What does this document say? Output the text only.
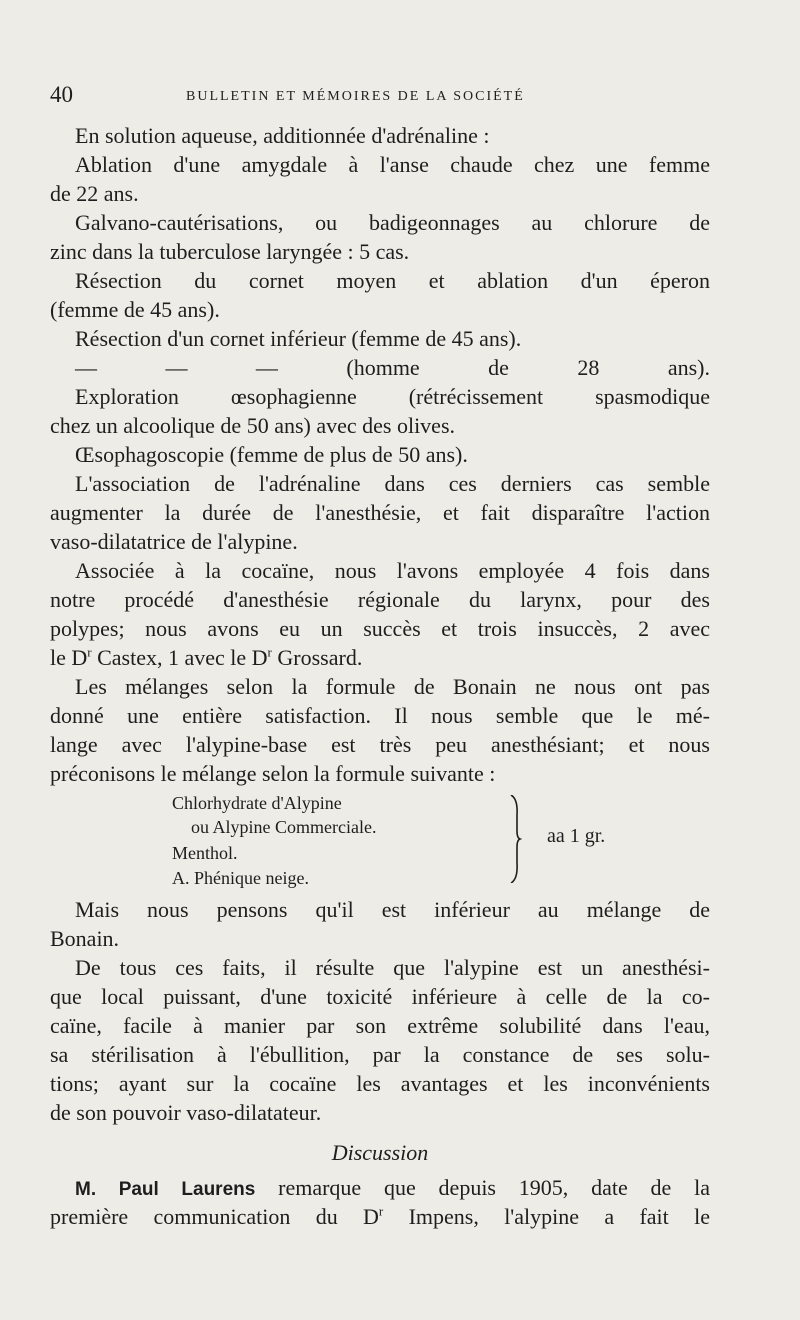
40	BULLETIN ET MÉMOIRES DE LA SOCIÉTÉ
En solution aqueuse, additionnée d'adrénaline :
Ablation d'une amygdale à l'anse chaude chez une femme
de 22 ans.
Galvano-cautérisations, ou badigeonnages au chlorure de
zinc dans la tuberculose laryngée : 5 cas.
Résection du cornet moyen et ablation d'un éperon
(femme de 45 ans).
Résection d'un cornet inférieur (femme de 45 ans).
— — — (homme de 28 ans).
Exploration œsophagienne (rétrécissement spasmodique
chez un alcoolique de 50 ans) avec des olives.
Œsophagoscopie (femme de plus de 50 ans).
L'association de l'adrénaline dans ces derniers cas semble
augmenter la durée de l'anesthésie, et fait disparaître l'action
vaso-dilatatrice de l'alypine.
Associée à la cocaïne, nous l'avons employée 4 fois dans
notre procédé d'anesthésie régionale du larynx, pour des
polypes; nous avons eu un succès et trois insuccès, 2 avec
le $D^r$ Castex, 1 avec le $D^r$ Grossard.
Les mélanges selon la formule de Bonain ne nous ont pas
donné une entière satisfaction. Il nous semble que le mé-
lange avec l'alypine-base est très peu anesthésiant; et nous
préconisons le mélange selon la formule suivante :
Chlorhydrate d'Alypine
ou Alypine Commerciale.
Menthol.
A. Phénique neige.
aa 1 gr.
Mais nous pensons qu'il est inférieur au mélange de
Bonain.
De tous ces faits, il résulte que l'alypine est un anesthési-
que local puissant, d'une toxicité inférieure à celle de la co-
caïne, facile à manier par son extrême solubilité dans l'eau,
sa stérilisation à l'ébullition, par la constance de ses solu-
tions; ayant sur la cocaïne les avantages et les inconvénients
de son pouvoir vaso-dilatateur.
Discussion
M. Paul Laurens remarque que depuis 1905, date de la
première communication du $D^r$ Impens, l'alypine a fait le
